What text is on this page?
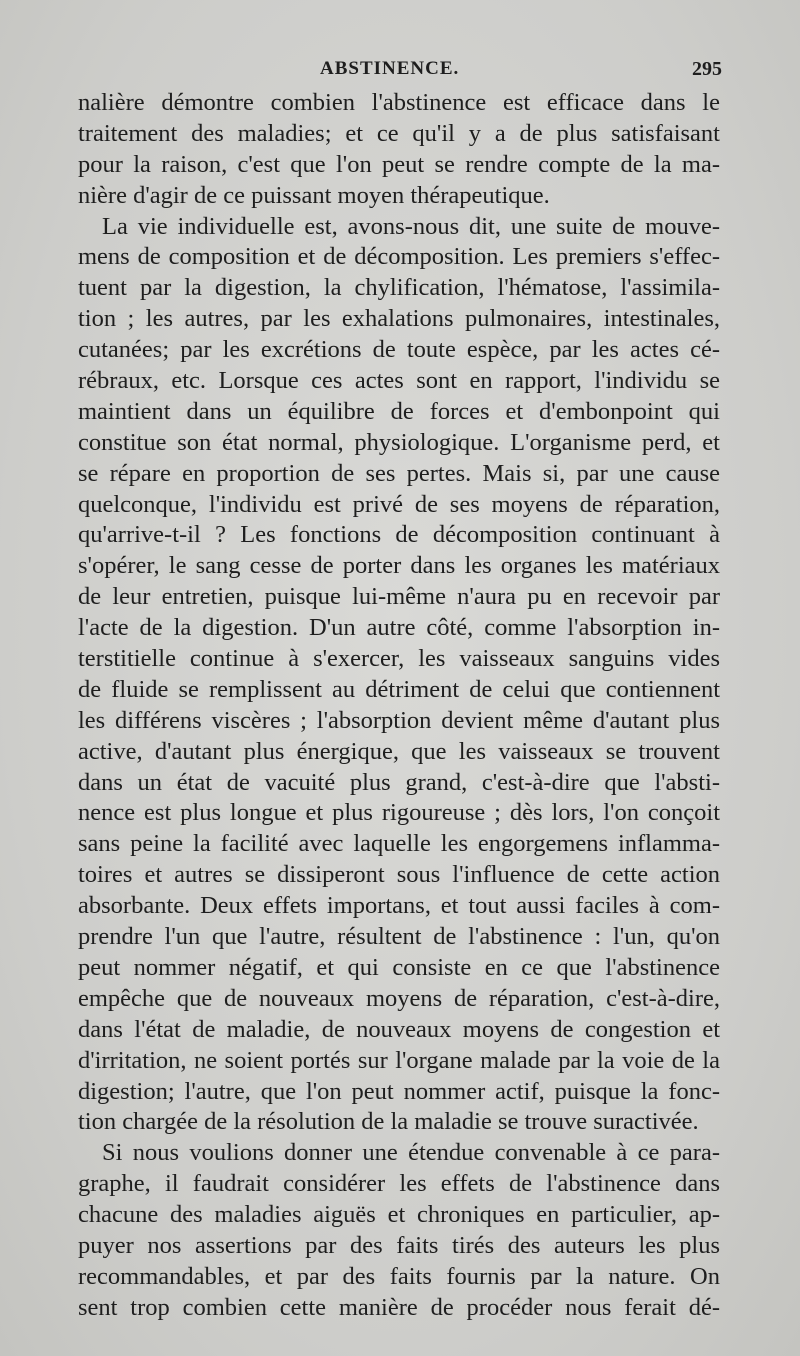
ABSTINENCE.	295
nalière démontre combien l'abstinence est efficace dans le
traitement des maladies; et ce qu'il y a de plus satisfaisant
pour la raison, c'est que l'on peut se rendre compte de la ma-
nière d'agir de ce puissant moyen thérapeutique.
La vie individuelle est, avons-nous dit, une suite de mouve-
mens de composition et de décomposition. Les premiers s'effec-
tuent par la digestion, la chylification, l'hématose, l'assimila-
tion ; les autres, par les exhalations pulmonaires, intestinales,
cutanées; par les excrétions de toute espèce, par les actes cé-
rébraux, etc. Lorsque ces actes sont en rapport, l'individu se
maintient dans un équilibre de forces et d'embonpoint qui
constitue son état normal, physiologique. L'organisme perd, et
se répare en proportion de ses pertes. Mais si, par une cause
quelconque, l'individu est privé de ses moyens de réparation,
qu'arrive-t-il ? Les fonctions de décomposition continuant à
s'opérer, le sang cesse de porter dans les organes les matériaux
de leur entretien, puisque lui-même n'aura pu en recevoir par
l'acte de la digestion. D'un autre côté, comme l'absorption in-
terstitielle continue à s'exercer, les vaisseaux sanguins vides
de fluide se remplissent au détriment de celui que contiennent
les différens viscères ; l'absorption devient même d'autant plus
active, d'autant plus énergique, que les vaisseaux se trouvent
dans un état de vacuité plus grand, c'est-à-dire que l'absti-
nence est plus longue et plus rigoureuse ; dès lors, l'on conçoit
sans peine la facilité avec laquelle les engorgemens inflamma-
toires et autres se dissiperont sous l'influence de cette action
absorbante. Deux effets importans, et tout aussi faciles à com-
prendre l'un que l'autre, résultent de l'abstinence : l'un, qu'on
peut nommer négatif, et qui consiste en ce que l'abstinence
empêche que de nouveaux moyens de réparation, c'est-à-dire,
dans l'état de maladie, de nouveaux moyens de congestion et
d'irritation, ne soient portés sur l'organe malade par la voie de la
digestion; l'autre, que l'on peut nommer actif, puisque la fonc-
tion chargée de la résolution de la maladie se trouve suractivée.
Si nous voulions donner une étendue convenable à ce para-
graphe, il faudrait considérer les effets de l'abstinence dans
chacune des maladies aiguës et chroniques en particulier, ap-
puyer nos assertions par des faits tirés des auteurs les plus
recommandables, et par des faits fournis par la nature. On
sent trop combien cette manière de procéder nous ferait dé-
